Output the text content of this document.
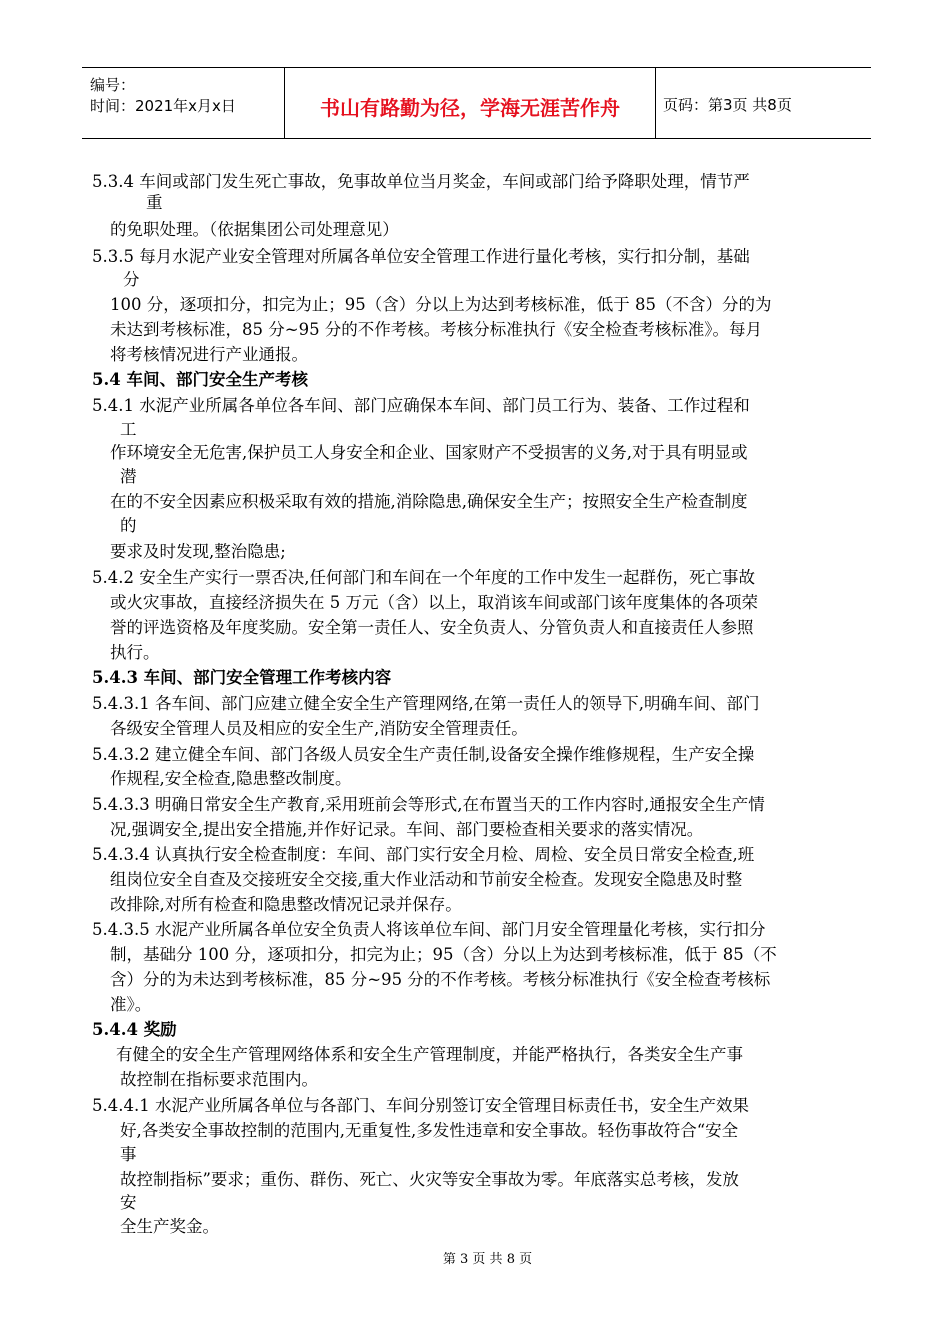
编号：
时间：2021年x月x日	书山有路勤为径，学海无涯苦作舟	页码：第3页 共8页
5.3.4 车间或部门发生死亡事故，免事故单位当月奖金，车间或部门给予降职处理，情节严
重
的免职处理。（依据集团公司处理意见）
5.3.5 每月水泥产业安全管理对所属各单位安全管理工作进行量化考核，实行扣分制，基础
分
100 分，逐项扣分，扣完为止；95（含）分以上为达到考核标准，低于 85（不含）分的为
未达到考核标准，85 分~95 分的不作考核。考核分标准执行《安全检查考核标准》。每月
将考核情况进行产业通报。
5.4 车间、部门安全生产考核
5.4.1 水泥产业所属各单位各车间、部门应确保本车间、部门员工行为、装备、工作过程和
工
作环境安全无危害,保护员工人身安全和企业、国家财产不受损害的义务,对于具有明显或
潜
在的不安全因素应积极采取有效的措施,消除隐患,确保安全生产；按照安全生产检查制度
的
要求及时发现,整治隐患;
5.4.2 安全生产实行一票否决,任何部门和车间在一个年度的工作中发生一起群伤，死亡事故
或火灾事故，直接经济损失在 5 万元（含）以上，取消该车间或部门该年度集体的各项荣
誉的评选资格及年度奖励。安全第一责任人、安全负责人、分管负责人和直接责任人参照
执行。
5.4.3 车间、部门安全管理工作考核内容
5.4.3.1 各车间、部门应建立健全安全生产管理网络,在第一责任人的领导下,明确车间、部门
各级安全管理人员及相应的安全生产,消防安全管理责任。
5.4.3.2 建立健全车间、部门各级人员安全生产责任制,设备安全操作维修规程，生产安全操
作规程,安全检查,隐患整改制度。
5.4.3.3 明确日常安全生产教育,采用班前会等形式,在布置当天的工作内容时,通报安全生产情
况,强调安全,提出安全措施,并作好记录。车间、部门要检查相关要求的落实情况。
5.4.3.4 认真执行安全检查制度：车间、部门实行安全月检、周检、安全员日常安全检查,班
组岗位安全自查及交接班安全交接,重大作业活动和节前安全检查。发现安全隐患及时整
改排除,对所有检查和隐患整改情况记录并保存。
5.4.3.5 水泥产业所属各单位安全负责人将该单位车间、部门月安全管理量化考核，实行扣分
制，基础分 100 分，逐项扣分，扣完为止；95（含）分以上为达到考核标准，低于 85（不
含）分的为未达到考核标准，85 分~95 分的不作考核。考核分标准执行《安全检查考核标
准》。
5.4.4 奖励
有健全的安全生产管理网络体系和安全生产管理制度，并能严格执行，各类安全生产事
故控制在指标要求范围内。
5.4.4.1 水泥产业所属各单位与各部门、车间分别签订安全管理目标责任书，安全生产效果
好,各类安全事故控制的范围内,无重复性,多发性违章和安全事故。轻伤事故符合“安全
事
故控制指标”要求；重伤、群伤、死亡、火灾等安全事故为零。年底落实总考核，发放
安
全生产奖金。
第 3 页 共 8 页
